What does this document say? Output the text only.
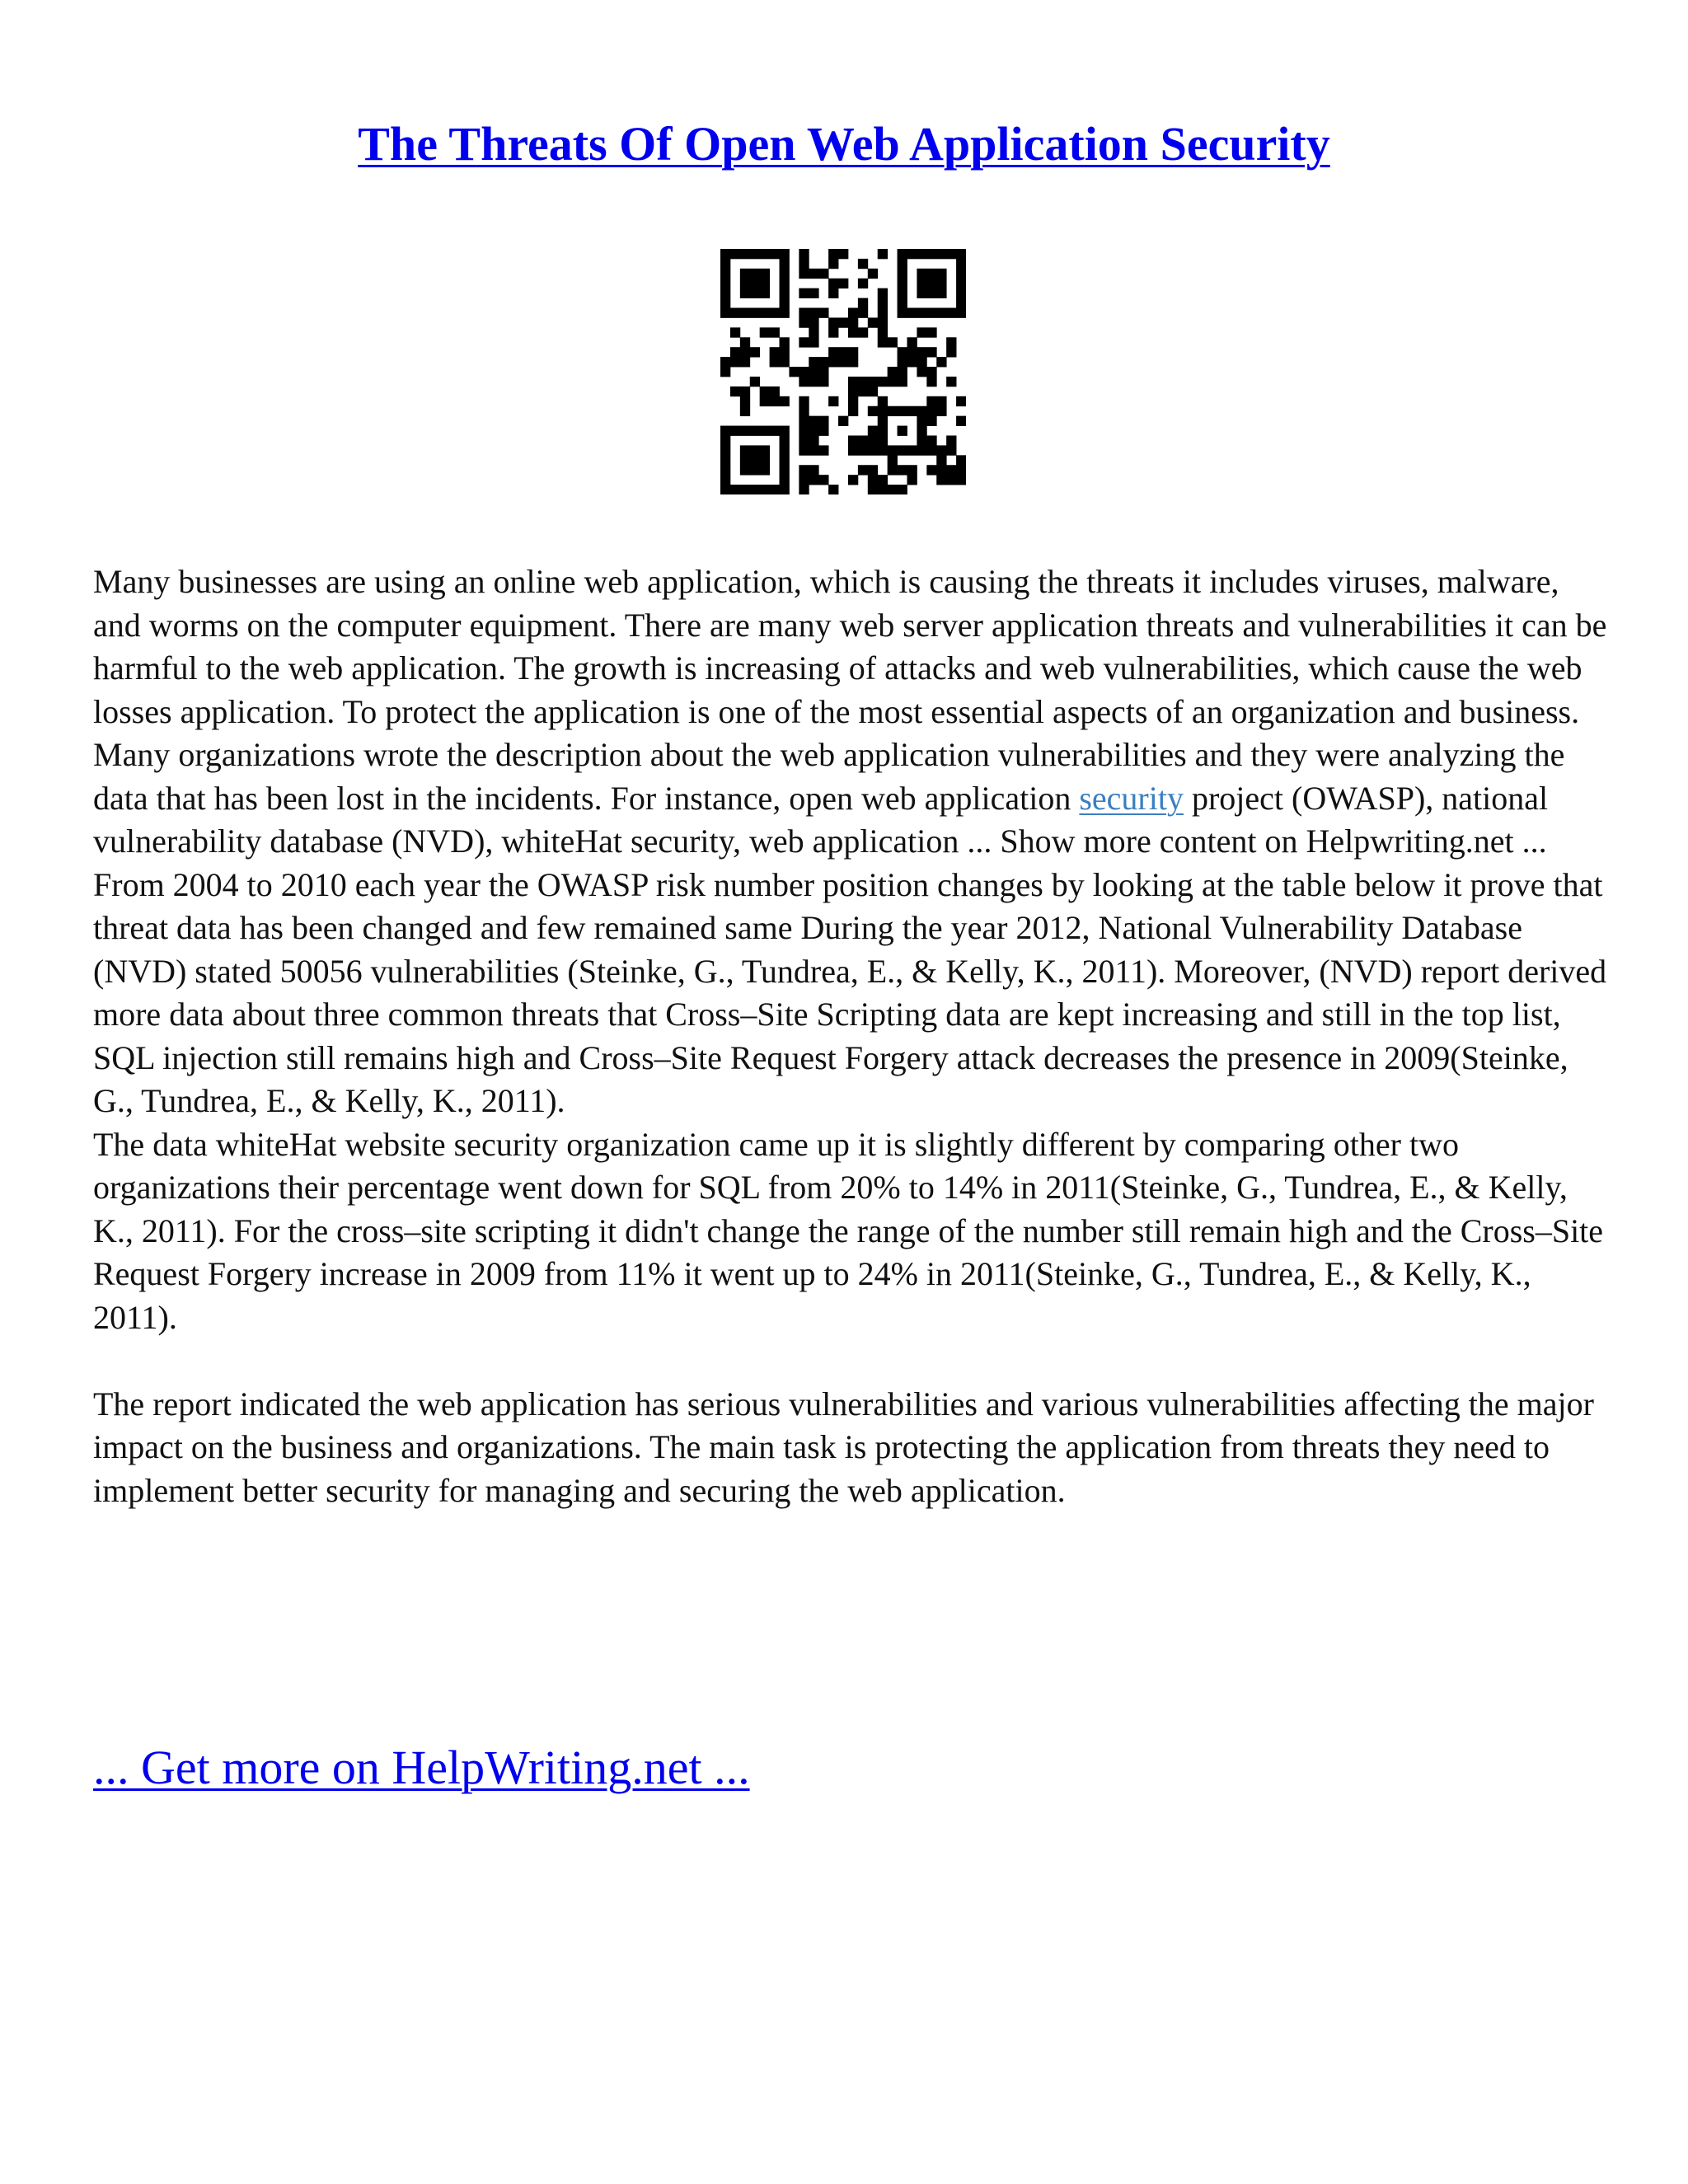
The Threats Of Open Web Application Security

Many businesses are using an online web application, which is causing the threats it includes viruses, malware, and worms on the computer equipment. There are many web server application threats and vulnerabilities it can be harmful to the web application. The growth is increasing of attacks and web vulnerabilities, which cause the web losses application. To protect the application is one of the most essential aspects of an organization and business. Many organizations wrote the description about the web application vulnerabilities and they were analyzing the data that has been lost in the incidents. For instance, open web application security project (OWASP), national vulnerability database (NVD), whiteHat security, web application ... Show more content on Helpwriting.net ...

From 2004 to 2010 each year the OWASP risk number position changes by looking at the table below it prove that threat data has been changed and few remained same During the year 2012, National Vulnerability Database (NVD) stated 50056 vulnerabilities (Steinke, G., Tundrea, E., & Kelly, K., 2011). Moreover, (NVD) report derived more data about three common threats that Cross–Site Scripting data are kept increasing and still in the top list, SQL injection still remains high and Cross–Site Request Forgery attack decreases the presence in 2009(Steinke, G., Tundrea, E., & Kelly, K., 2011).

The data whiteHat website security organization came up it is slightly different by comparing other two organizations their percentage went down for SQL from 20% to 14% in 2011(Steinke, G., Tundrea, E., & Kelly, K., 2011). For the cross–site scripting it didn't change the range of the number still remain high and the Cross–Site Request Forgery increase in 2009 from 11% it went up to 24% in 2011(Steinke, G., Tundrea, E., & Kelly, K., 2011).

The report indicated the web application has serious vulnerabilities and various vulnerabilities affecting the major impact on the business and organizations. The main task is protecting the application from threats they need to implement better security for managing and securing the web application.

... Get more on HelpWriting.net ...
